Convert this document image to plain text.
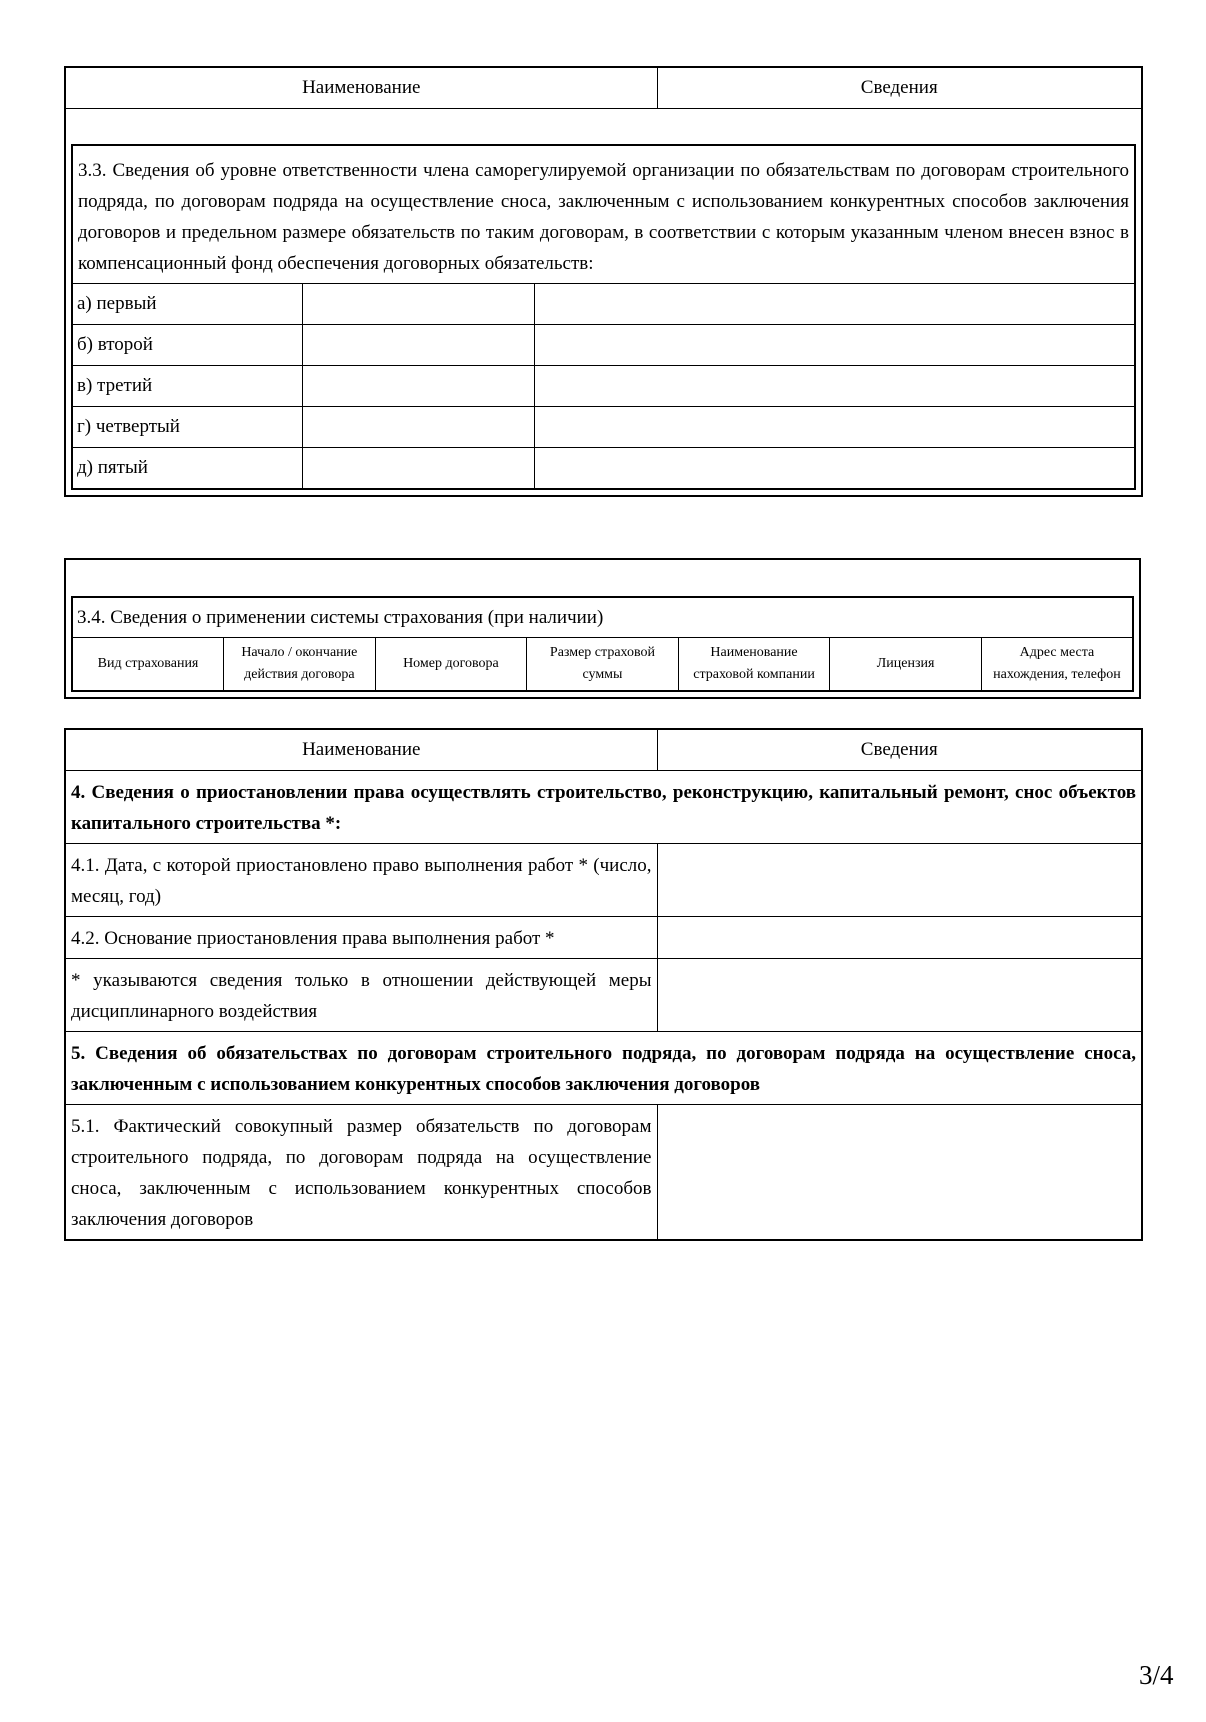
Наименование	Сведения

3.3. Сведения об уровне ответственности члена саморегулируемой организации по обязательствам по договорам строительного подряда, по договорам подряда на осуществление сноса, заключенным с использованием конкурентных способов заключения договоров и предельном размере обязательств по таким договорам, в соответствии с которым указанным членом внесен взнос в компенсационный фонд обеспечения договорных обязательств:
а) первый		
б) второй		
в) третий		
г) четвертый		
д) пятый		

3.4. Сведения о применении системы страхования (при наличии)
Вид страхования	Начало / окончание действия договора	Номер договора	Размер страховой суммы	Наименование страховой компании	Лицензия	Адрес места нахождения, телефон
Наименование	Сведения
4. Сведения о приостановлении права осуществлять строительство, реконструкцию, капитальный ремонт, снос объектов капитального строительства *:	
4.1. Дата, с которой приостановлено право выполнения работ * (число, месяц, год)	
4.2. Основание приостановления права выполнения работ *	
* указываются сведения только в отношении действующей меры дисциплинарного воздействия	
5. Сведения об обязательствах по договорам строительного подряда, по договорам подряда на осуществление сноса, заключенным с использованием конкурентных способов заключения договоров	
5.1. Фактический совокупный размер обязательств по договорам строительного подряда, по договорам подряда на осуществление сноса, заключенным с использованием конкурентных способов заключения договоров	
3/4
